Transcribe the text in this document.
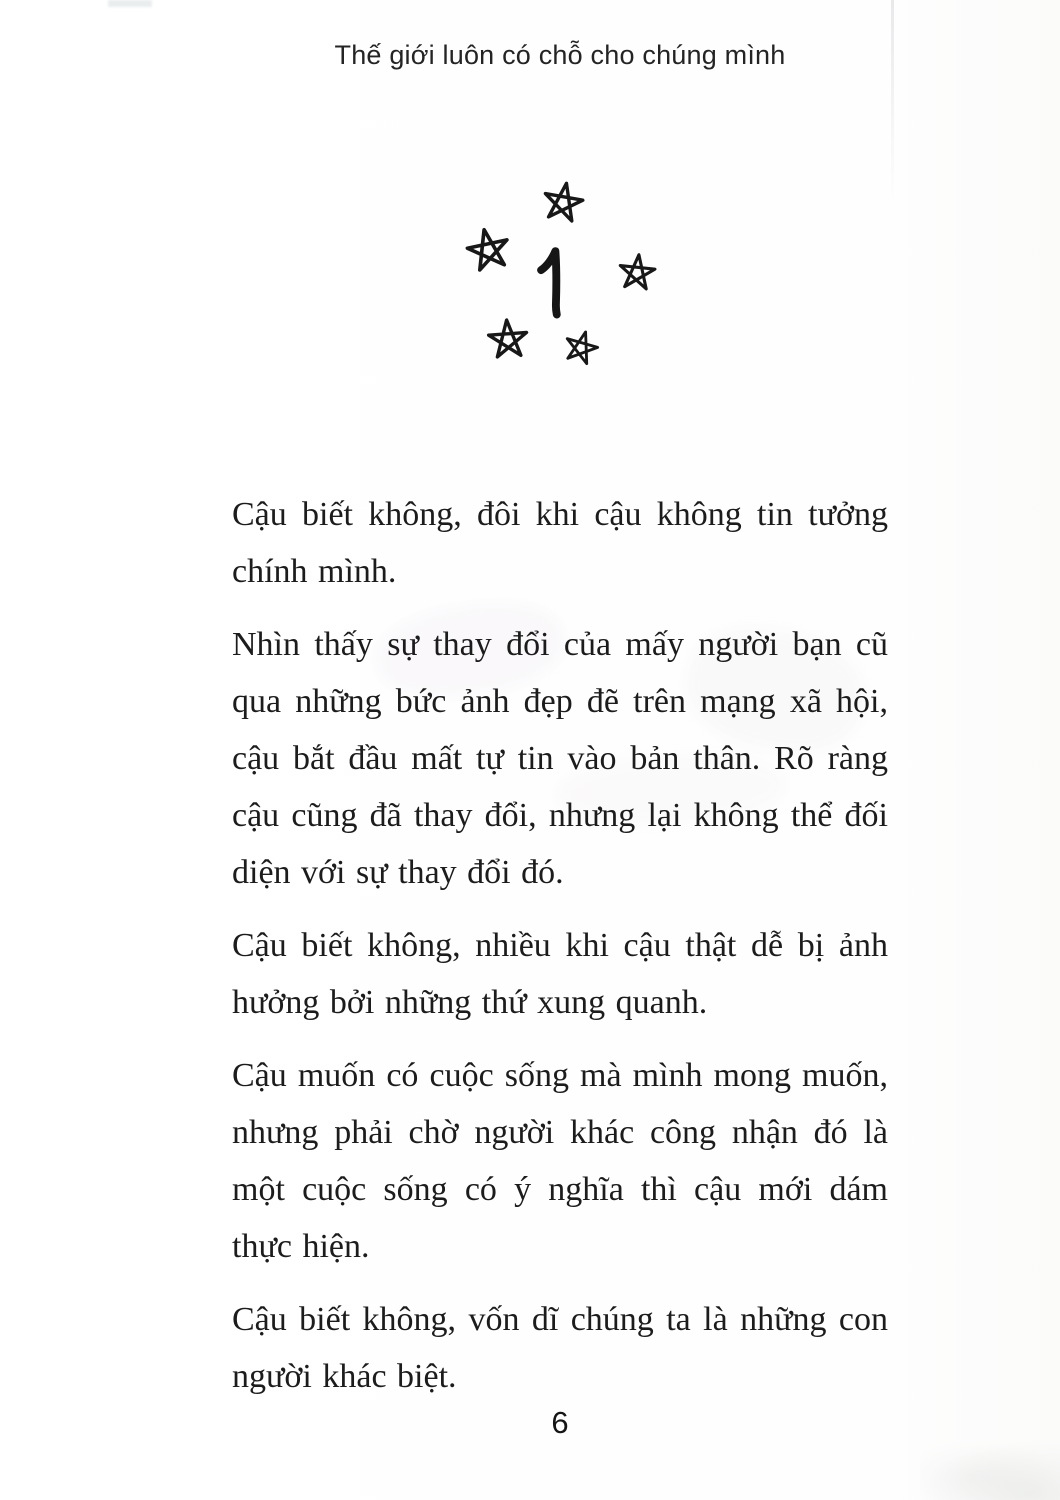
Thế giới luôn có chỗ cho chúng mình

Cậu biết không, đôi khi cậu không tin tưởng chính mình.

Nhìn thấy sự thay đổi của mấy người bạn cũ qua những bức ảnh đẹp đẽ trên mạng xã hội, cậu bắt đầu mất tự tin vào bản thân. Rõ ràng cậu cũng đã thay đổi, nhưng lại không thể đối diện với sự thay đổi đó.

Cậu biết không, nhiều khi cậu thật dễ bị ảnh hưởng bởi những thứ xung quanh.

Cậu muốn có cuộc sống mà mình mong muốn, nhưng phải chờ người khác công nhận đó là một cuộc sống có ý nghĩa thì cậu mới dám thực hiện.

Cậu biết không, vốn dĩ chúng ta là những con người khác biệt.

6
